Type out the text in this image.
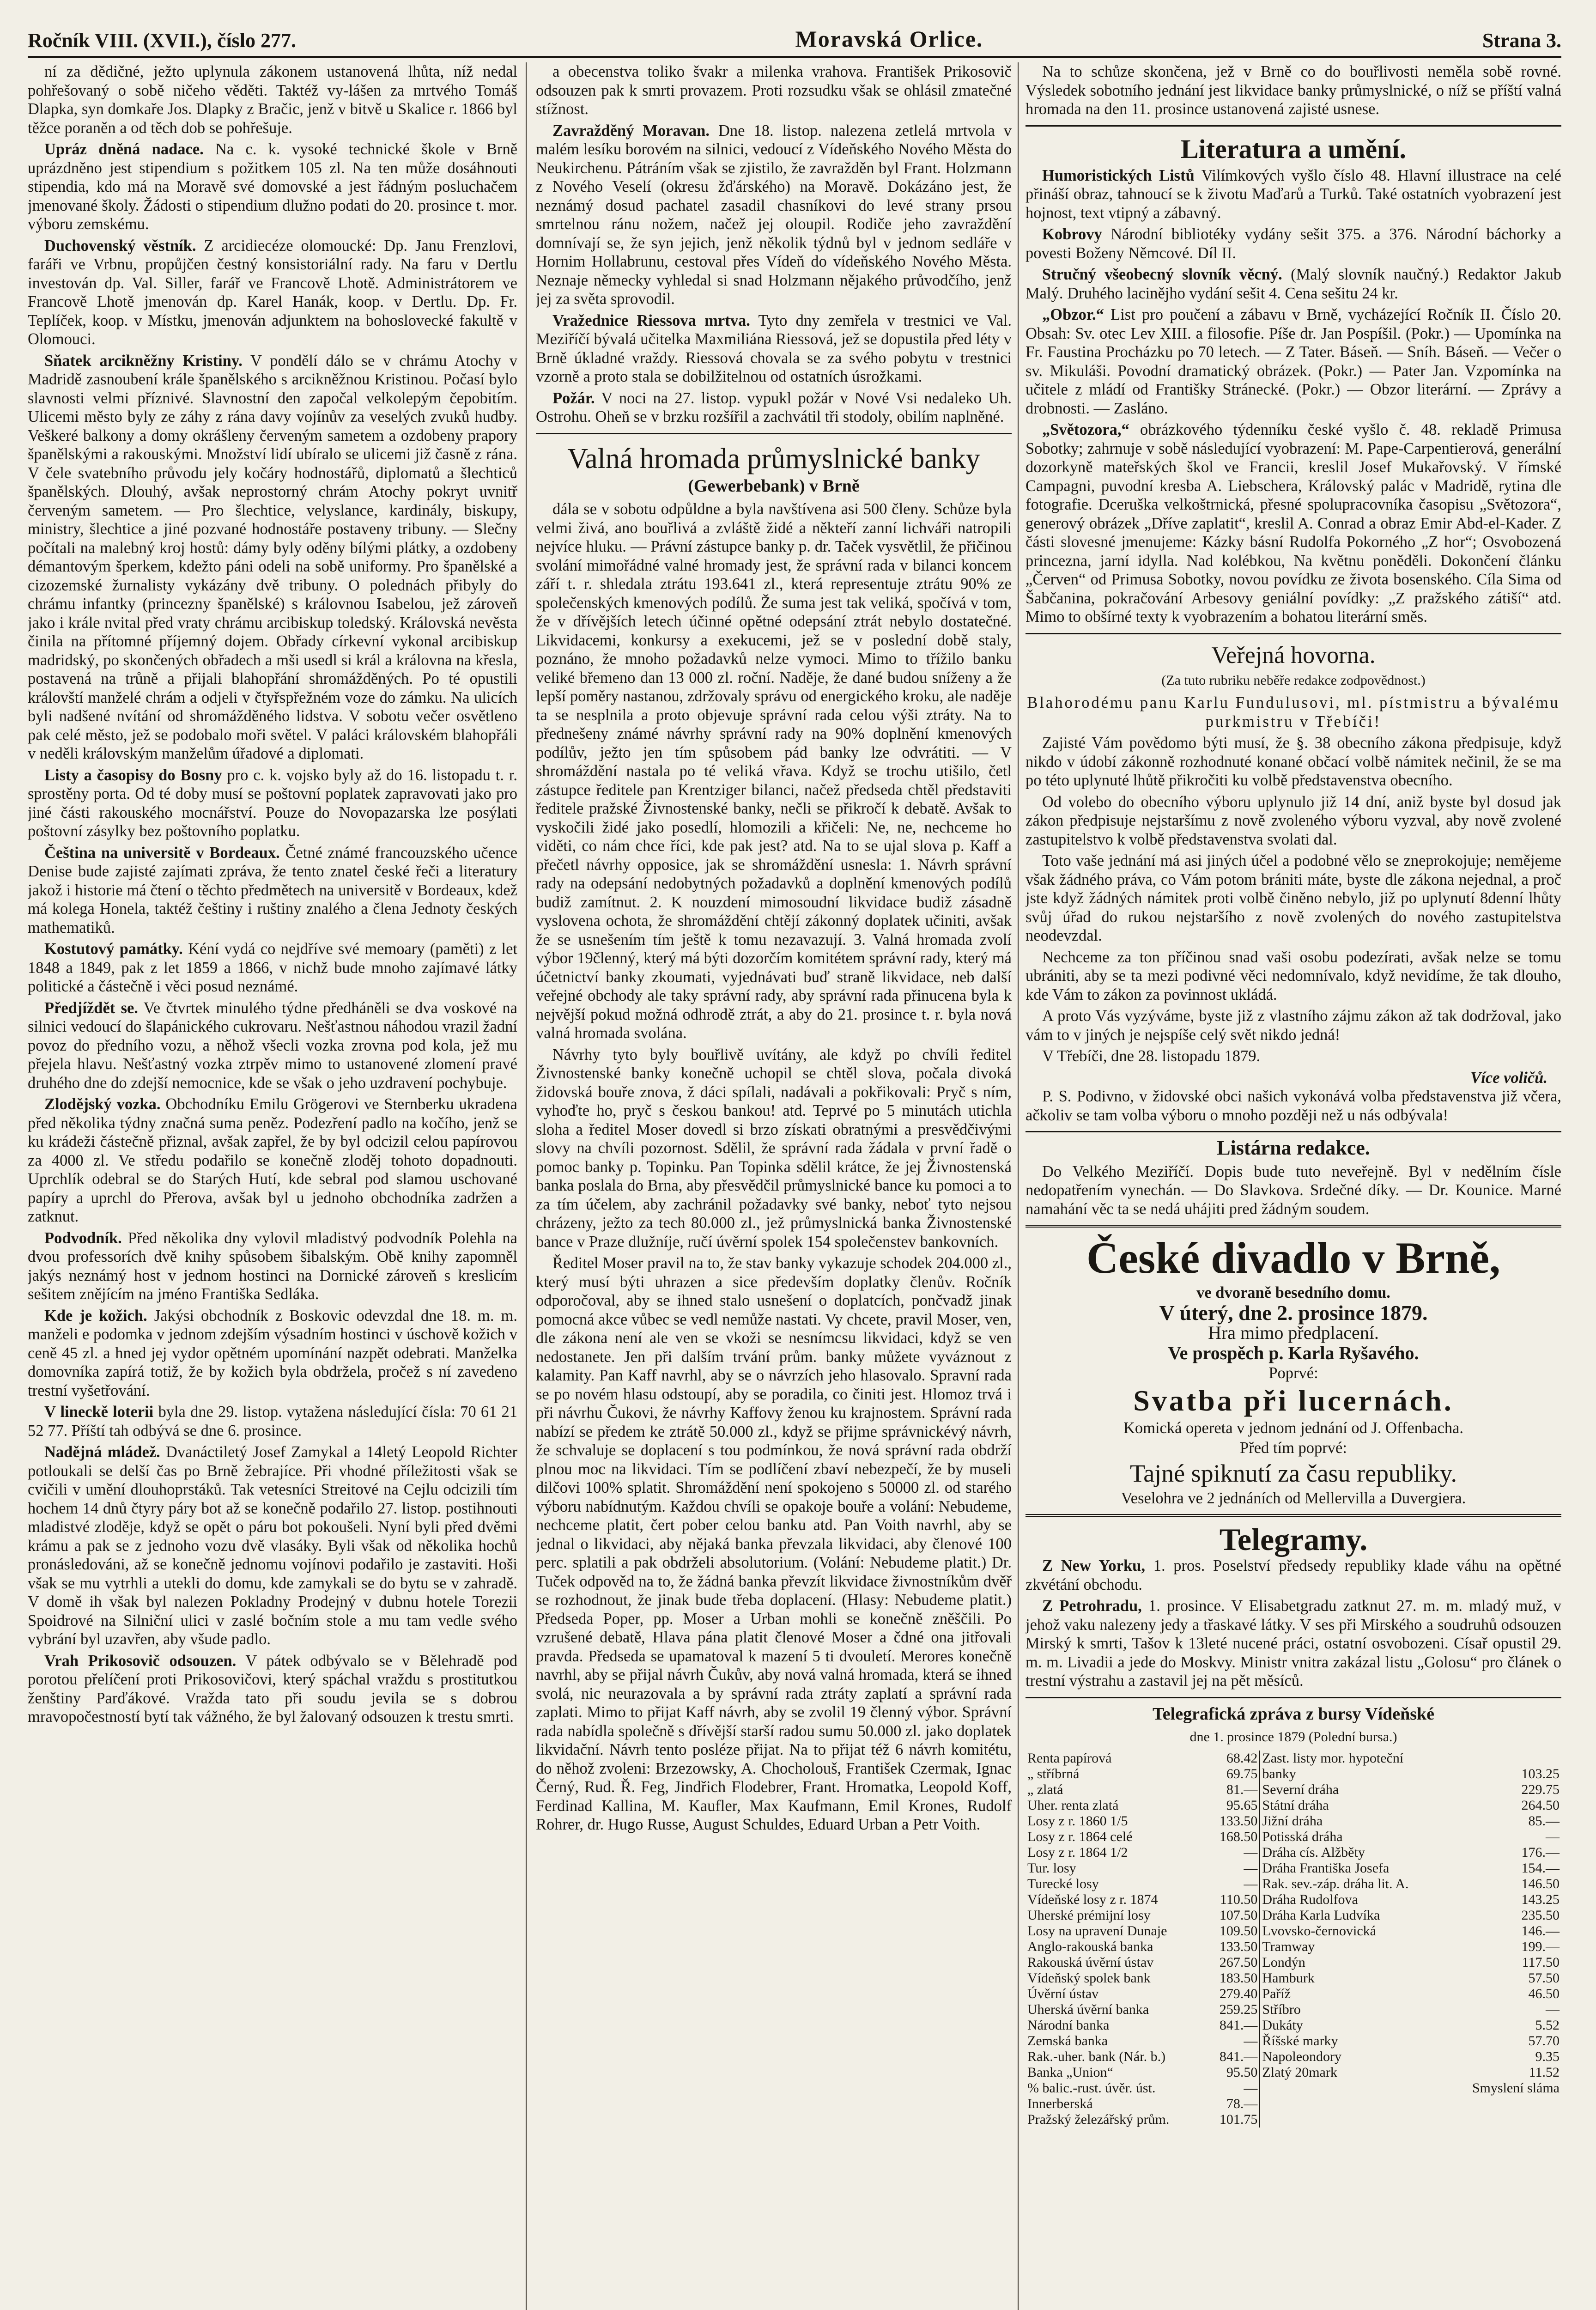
Ročník VIII. (XVII.), číslo 277.	Moravská Orlice.	Strana 3.

ní za dědičné, ježto uplynula zákonem ustanovená lhůta, níž nedal pohřešovaný o sobě ničeho věděti. Taktéž vy-lášen za mrtvého Tomáš Dlapka, syn domkaře Jos. Dlapky z Bračic, jenž v bitvě u Skalice r. 1866 byl těžce poraněn a od těch dob se pohřešuje.

Upráz dněná nadace. Na c. k. vysoké technické škole v Brně uprázdněno jest stipendium s požitkem 105 zl. Na ten může dosáhnouti stipendia, kdo má na Moravě své domovské a jest řádným posluchačem jmenované školy. Žádosti o stipendium dlužno podati do 20. prosince t. mor. výboru zemskému.

Duchovenský věstník. Z arcidiecéze olomoucké: Dp. Janu Frenzlovi, faráři ve Vrbnu, propůjčen čestný konsistoriální rady. Na faru v Dertlu investován dp. Val. Siller, farář ve Francově Lhotě. Administrátorem ve Francově Lhotě jmenován dp. Karel Hanák, koop. v Dertlu. Dp. Fr. Teplíček, koop. v Místku, jmenován adjunktem na bohoslovecké fakultě v Olomouci.

Sňatek arcikněžny Kristiny. V pondělí dálo se v chrámu Atochy v Madridě zasnoubení krále španělského s arcikněžnou Kristinou. Počasí bylo slavnosti velmi příznivé. Slavnostní den započal velkolepým čepobitím. Ulicemi město byly ze záhy z rána davy vojínův za veselých zvuků hudby. Veškeré balkony a domy okrášleny červeným sametem a ozdobeny prapory španělskými a rakouskými. Množství lidí ubíralo se ulicemi již časně z rána. V čele svatebního průvodu jely kočáry hodnostářů, diplomatů a šlechticů španělských. Dlouhý, avšak neprostorný chrám Atochy pokryt uvnitř červeným sametem. — Pro šlechtice, velyslance, kardinály, biskupy, ministry, šlechtice a jiné pozvané hodnostáře postaveny tribuny. — Slečny počítali na malebný kroj hostů: dámy byly oděny bílými plátky, a ozdobeny démantovým šperkem, kdežto páni odeli na sobě uniformy. Pro španělské a cizozemské žurnalisty vykázány dvě tribuny. O polednách přibyly do chrámu infantky (princezny španělské) s královnou Isabelou, jež zároveň jako i krále nvital před vraty chrámu arcibiskup toledský. Královská nevěsta činila na přítomné příjemný dojem. Obřady církevní vykonal arcibiskup madridský, po skončených obřadech a mši usedl si král a královna na křesla, postavená na trůně a přijali blahopřání shromážděných. Po té opustili královští manželé chrám a odjeli v čtyřspřežném voze do zámku. Na ulicích byli nadšené nvítání od shromážděného lidstva. V sobotu večer osvětleno pak celé město, jež se podobalo moři světel. V paláci královském blahopřáli v neděli královským manželům úřadové a diplomati.

Listy a časopisy do Bosny pro c. k. vojsko byly až do 16. listopadu t. r. sprostěny porta. Od té doby musí se poštovní poplatek zapravovati jako pro jiné části rakouského mocnářství. Pouze do Novopazarska lze posýlati poštovní zásylky bez poštovního poplatku.

Čeština na universitě v Bordeaux. Četné známé francouzského učence Denise bude zajisté zajímati zpráva, že tento znatel české řeči a literatury jakož i historie má čtení o těchto předmětech na universitě v Bordeaux, kdež má kolega Honela, taktéž češtiny i ruštiny znalého a člena Jednoty českých mathematiků.

Kostutový památky. Kéní vydá co nejdříve své memoary (paměti) z let 1848 a 1849, pak z let 1859 a 1866, v nichž bude mnoho zajímavé látky politické a částečně i věci posud neznámé.

Předjíždět se. Ve čtvrtek minulého týdne předháněli se dva voskové na silnici vedoucí do šlapánického cukrovaru. Nešťastnou náhodou vrazil žadní povoz do předního vozu, a něhož všecli vozka zrovna pod kola, jež mu přejela hlavu. Nešťastný vozka ztrpěv mimo to ustanovené zlomení pravé druhého dne do zdejší nemocnice, kde se však o jeho uzdravení pochybuje.

Zlodějský vozka. Obchodníku Emilu Grögerovi ve Sternberku ukradena před několika týdny značná suma peněz. Podezření padlo na kočího, jenž se ku krádeži částečně přiznal, avšak zapřel, že by byl odcizil celou papírovou za 4000 zl. Ve středu podařilo se konečně zloděj tohoto dopadnouti. Uprchlík odebral se do Starých Hutí, kde sebral pod slamou uschované papíry a uprchl do Přerova, avšak byl u jednoho obchodníka zadržen a zatknut.

Podvodník. Před několika dny vylovil mladistvý podvodník Polehla na dvou professorích dvě knihy spůsobem šibalským. Obě knihy zapomněl jakýs neznámý host v jednom hostinci na Dornické zároveň s kreslicím sešitem znějícím na jméno Františka Sedláka.

Kde je kožich. Jakýsi obchodník z Boskovic odevzdal dne 18. m. m. manželi e podomka v jednom zdejším výsadním hostinci v úschově kožich v ceně 45 zl. a hned jej vydor opětném upomínání nazpět odebrati. Manželka domovníka zapírá totiž, že by kožich byla obdržela, pročež s ní zavedeno trestní vyšetřování.

V lineckě loterii byla dne 29. listop. vytažena následující čísla: 70 61 21 52 77. Příští tah odbývá se dne 6. prosince.

Nadějná mládež. Dvanáctiletý Josef Zamykal a 14letý Leopold Richter potloukali se delší čas po Brně žebrajíce. Při vhodné příležitosti však se cvičili v umění dlouhoprstáků. Tak vetesníci Streitové na Cejlu odcizili tím hochem 14 dnů čtyry páry bot až se konečně podařilo 27. listop. postihnouti mladistvé zloděje, když se opět o páru bot pokoušeli. Nyní byli před dvěmi krámu a pak se z jednoho vozu dvě vlasáky. Byli však od několika hochů pronásledováni, až se konečně jednomu vojínovi podařilo je zastaviti. Hoši však se mu vytrhli a utekli do domu, kde zamykali se do bytu se v zahradě. V domě ih však byl nalezen Pokladny Prodejný v dubnu hotele Torezii Spoidrové na Silniční ulici v zaslé bočním stole a mu tam vedle svého vybrání byl uzavřen, aby všude padlo.

Vrah Prikosovič odsouzen. V pátek odbývalo se v Bělehradě pod porotou přelíčení proti Prikosovičovi, který spáchal vraždu s prostitutkou ženštiny Parďákové. Vražda tato při soudu jevila se s dobrou mravopočestností bytí tak vážného, že byl žalovaný odsouzen k trestu smrti.

a obecenstva toliko švakr a milenka vrahova. František Prikosovič odsouzen pak k smrti provazem. Proti rozsudku však se ohlásil zmatečné stížnost.

Zavražděný Moravan. Dne 18. listop. nalezena zetlelá mrtvola v malém lesíku borovém na silnici, vedoucí z Vídeňského Nového Města do Neukirchenu. Pátráním však se zjistilo, že zavražděn byl Frant. Holzmann z Nového Veselí (okresu žďárského) na Moravě. Dokázáno jest, že neznámý dosud pachatel zasadil chasníkovi do levé strany prsou smrtelnou ránu nožem, načež jej oloupil. Rodiče jeho zavraždění domnívají se, že syn jejich, jenž několik týdnů byl v jednom sedláře v Hornim Hollabrunu, cestoval přes Vídeň do vídeňského Nového Města. Neznaje německy vyhledal si snad Holzmann nějakého průvodčího, jenž jej za světa sprovodil.

Vražednice Riessova mrtva. Tyto dny zemřela v trestnici ve Val. Meziříčí bývalá učitelka Maxmiliána Riessová, jež se dopustila před léty v Brně úkladné vraždy. Riessová chovala se za svého pobytu v trestnici vzorně a proto stala se dobilžitelnou od ostatních úsrožkami.

Požár. V noci na 27. listop. vypukl požár v Nové Vsi nedaleko Uh. Ostrohu. Oheň se v brzku rozšířil a zachvátil tři stodoly, obilím naplněné.

Valná hromada průmyslnické banky
(Gewerbebank) v Brně

dála se v sobotu odpůldne a byla navštívena asi 500 členy. Schůze byla velmi živá, ano bouřlivá a zvláště židé a někteří zanní lichváři natropili nejvíce hluku. — Právní zástupce banky p. dr. Taček vysvětlil, že přičinou svolání mimořádné valné hromady jest, že správní rada v bilanci koncem září t. r. shledala ztrátu 193.641 zl., která representuje ztrátu 90% ze společenských kmenových podílů. Že suma jest tak veliká, spočívá v tom, že v dřívějších letech účinné opětné odepsání ztrát nebylo dostatečné. Likvidacemi, konkursy a exekucemi, jež se v poslední době staly, poznáno, že mnoho požadavků nelze vymoci. Mimo to třížilo banku veliké břemeno dan 13 000 zl. roční. Naděje, že dané budou sníženy a že lepší poměry nastanou, zdržovaly správu od energického kroku, ale naděje ta se nesplnila a proto objevuje správní rada celou výši ztráty. Na to přednešeny známé návrhy správní rady na 90% doplnění kmenových podílův, ježto jen tím spůsobem pád banky lze odvrátiti. — V shromáždění nastala po té veliká vřava. Když se trochu utišilo, četl zástupce ředitele pan Krentziger bilanci, načež předseda chtěl představiti ředitele pražské Živnostenské banky, nečli se přikročí k debatě. Avšak to vyskočili židé jako posedlí, hlomozili a křičeli: Ne, ne, nechceme ho viděti, co nám chce říci, kde pak jest? atd. Na to se ujal slova p. Kaff a přečetl návrhy opposice, jak se shromáždění usnesla: 1. Návrh správní rady na odepsání nedobytných požadavků a doplnění kmenových podílů budiž zamítnut. 2. K nouzdení mimosoudní likvidace budiž zásadně vyslovena ochota, že shromáždění chtějí zákonný doplatek učiniti, avšak že se usnešením tím ještě k tomu nezavazují. 3. Valná hromada zvolí výbor 19členný, který má býti dozorčím komitétem správní rady, který má účetnictví banky zkoumati, vyjednávati buď straně likvidace, neb další veřejné obchody ale taky správní rady, aby správní rada přinucena byla k nejvější pokud možná odhrodě ztrát, a aby do 21. prosince t. r. byla nová valná hromada svolána.

Návrhy tyto byly bouřlivě uvítány, ale když po chvíli ředitel Živnostenské banky konečně uchopil se chtěl slova, počala divoká židovská bouře znova, ž dáci spílali, nadávali a pokřikovali: Pryč s ním, vyhoďte ho, pryč s českou bankou! atd. Teprvé po 5 minutách utichla sloha a ředitel Moser dovedl si brzo získati obratnými a presvědčivými slovy na chvíli pozornost. Sdělil, že správní rada žádala v první řadě o pomoc banky p. Topinku. Pan Topinka sdělil krátce, že jej Živnostenská banka poslala do Brna, aby přesvědčil průmyslnické bance ku pomoci a to za tím účelem, aby zachránil požadavky své banky, neboť tyto nejsou chrázeny, ježto za tech 80.000 zl., jež průmyslnická banka Živnostenské bance v Praze dlužníje, ručí úvěrní spolek 154 společenstev bankovních.

Ředitel Moser pravil na to, že stav banky vykazuje schodek 204.000 zl., který musí býti uhrazen a sice především doplatky členův. Ročník odporočoval, aby se ihned stalo usnešení o doplatcích, pončvadž jinak pomocná akce vůbec se vedl nemůže nastati. Vy chcete, pravil Moser, ven, dle zákona není ale ven se vkoži se nesnímcsu likvidaci, když se ven nedostanete. Jen při dalším trvání prům. banky můžete vyváznout z kalamity. Pan Kaff navrhl, aby se o návrzích jeho hlasovalo. Spravní rada se po novém hlasu odstoupí, aby se poradila, co činiti jest. Hlomoz trvá i při návrhu Čukovi, že návrhy Kaffovy ženou ku krajnostem. Správní rada nabízí se předem ke ztrátě 50.000 zl., když se přijme správnickévý návrh, že schvaluje se doplacení s tou podmínkou, že nová správní rada obdrží plnou moc na likvidaci. Tím se podlíčení zbaví nebezpečí, že by museli dilčovi 100% splatit. Shromáždění není spokojeno s 50000 zl. od starého výboru nabídnutým. Každou chvíli se opakoje bouře a volání: Nebudeme, nechceme platit, čert pober celou banku atd. Pan Voith navrhl, aby se jednal o likvidaci, aby nějaká banka převzala likvidaci, aby členové 100 perc. splatili a pak obdrželi absolutorium. (Volání: Nebudeme platit.) Dr. Tuček odpověd na to, že žádná banka převzít likvidace živnostníkům dvěř se rozhodnout, že jinak bude třeba doplacení. (Hlasy: Nebudeme platit.) Předseda Poper, pp. Moser a Urban mohli se konečně zněščili. Po vzrušené debatě, Hlava pána platit členové Moser a čdné ona jitřovali pravda. Předseda se upamatoval k mazení 5 ti dvouletí. Merores konečně navrhl, aby se přijal návrh Čukův, aby nová valná hromada, která se ihned svolá, nic neurazovala a by správní rada ztráty zaplatí a správní rada zaplati. Mimo to přijat Kaff návrh, aby se zvolil 19 členný výbor. Správní rada nabídla společně s dřívější starší radou sumu 50.000 zl. jako doplatek likvidační. Návrh tento posléze přijat. Na to přijat též 6 návrh komitétu, do něhož zvoleni: Brzezowsky, A. Chocholouš, František Czermak, Ignac Černý, Rud. Ř. Feg, Jindřich Flodebrer, Frant. Hromatka, Leopold Koff, Ferdinad Kallina, M. Kaufler, Max Kaufmann, Emil Krones, Rudolf Rohrer, dr. Hugo Russe, August Schuldes, Eduard Urban a Petr Voith.

Na to schůze skončena, jež v Brně co do bouřlivosti neměla sobě rovné. Výsledek sobotního jednání jest likvidace banky průmyslnické, o níž se příští valná hromada na den 11. prosince ustanovená zajisté usnese.

Literatura a umění.

Humoristických Listů Vilímkových vyšlo číslo 48. Hlavní illustrace na celé přináší obraz, tahnoucí se k životu Maďarů a Turků. Také ostatních vyobrazení jest hojnost, text vtipný a zábavný.

Kobrovy Národní bibliotéky vydány sešit 375. a 376. Národní báchorky a povesti Boženy Němcové. Díl II.

Stručný všeobecný slovník věcný. (Malý slovník naučný.) Redaktor Jakub Malý. Druhého lacinějho vydání sešit 4. Cena sešitu 24 kr.

„Obzor.“ List pro poučení a zábavu v Brně, vycházející Ročník II. Číslo 20. Obsah: Sv. otec Lev XIII. a filosofie. Píše dr. Jan Pospíšil. (Pokr.) — Upomínka na Fr. Faustina Procházku po 70 letech. — Z Tater. Báseň. — Sníh. Báseň. — Večer o sv. Mikuláši. Povodní dramatický obrázek. (Pokr.) — Pater Jan. Vzpomínka na učitele z mládí od Františky Stránecké. (Pokr.) — Obzor literární. — Zprávy a drobnosti. — Zasláno.

„Světozora,“ obrázkového týdenníku české vyšlo č. 48. rekladě Primusa Sobotky; zahrnuje v sobě následující vyobrazení: M. Pape-Carpentierová, generální dozorkyně mateřských škol ve Francii, kreslil Josef Mukařovský. V římské Campagni, puvodní kresba A. Liebschera, Královský palác v Madridě, rytina dle fotografie. Dceruška velkoštrnická, přesné spolupracovníka časopisu „Světozora“, generový obrázek „Dříve zaplatit“, kreslil A. Conrad a obraz Emir Abd-el-Kader. Z části slovesné jmenujeme: Kázky básní Rudolfa Pokorného „Z hor“; Osvobozená princezna, jarní idylla. Nad kolébkou, Na květnu poněděli. Dokončení článku „Červen“ od Primusa Sobotky, novou povídku ze života bosenského. Cíla Sima od Šabčanina, pokračování Arbesovy geniální povídky: „Z pražského zátiší“ atd. Mimo to obšírné texty k vyobrazením a bohatou literární směs.

Veřejná hovorna.
(Za tuto rubriku neběře redakce zodpovědnost.)

Blahorodému panu Karlu Fundulusovi, ml. pístmistru a bývalému purkmistru v Třebíči!

Zajisté Vám povědomo býti musí, že §. 38 obecního zákona předpisuje, když nikdo v údobí zákonně rozhodnuté konané občací volbě námitek nečinil, že se ma po této uplynuté lhůtě přikročiti ku volbě představenstva obecního.

Od volebo do obecního výboru uplynulo již 14 dní, aniž byste byl dosud jak zákon předpisuje nejstaršímu z nově zvoleného výboru vyzval, aby nově zvolené zastupitelstvo k volbě představenstva svolati dal.

Toto vaše jednání má asi jiných účel a podobné vělo se zneprokojuje; nemějeme však žádného práva, co Vám potom brániti máte, byste dle zákona nejednal, a proč jste když žádných námitek proti volbě činěno nebylo, již po uplynutí 8denní lhůty svůj úřad do rukou nejstaršího z nově zvolených do nového zastupitelstva neodevzdal.

Nechceme za ton příčinou snad vaši osobu podezírati, avšak nelze se tomu ubrániti, aby se ta mezi podivné věci nedomnívalo, když nevidíme, že tak dlouho, kde Vám to zákon za povinnost ukládá.

A proto Vás vyzýváme, byste již z vlastního zájmu zákon až tak dodržoval, jako vám to v jiných je nejspíše celý svět nikdo jedná!

V Třebíči, dne 28. listopadu 1879.

Více voličů.

P. S. Podivno, v židovské obci našich vykonává volba představenstva již včera, ačkoliv se tam volba výboru o mnoho později než u nás odbývala!

Listárna redakce.

Do Velkého Meziříčí. Dopis bude tuto neveřejně. Byl v nedělním čísle nedopatřením vynechán. — Do Slavkova. Srdečné díky. — Dr. Kounice. Marné namahání věc ta se nedá uhájiti pred žádným soudem.

České divadlo v Brně,
ve dvoraně besedního domu.
V úterý, dne 2. prosince 1879.
Hra mimo předplacení.
Ve prospěch p. Karla Ryšavého.
Poprvé:
Svatba při lucernách.
Komická opereta v jednom jednání od J. Offenbacha.
Před tím poprvé:
Tajné spiknutí za času republiky.
Veselohra ve 2 jednáních od Mellervilla a Duvergiera.
Telegramy.

Z New Yorku, 1. pros. Poselství předsedy republiky klade váhu na opětné zkvétání obchodu.

Z Petrohradu, 1. prosince. V Elisabetgradu zatknut 27. m. m. mladý muž, v jehož vaku nalezeny jedy a třaskavé látky. V ses při Mirského a soudruhů odsouzen Mirský k smrti, Tašov k 13leté nucené práci, ostatní osvobozeni. Císař opustil 29. m. m. Livadii a jede do Moskvy. Ministr vnitra zakázal listu „Golosu“ pro článek o trestní výstrahu a zastavil jej na pět měsíců.

Telegrafická zpráva z bursy Vídeňské
dne 1. prosince 1879 (Polední bursa.)
Renta papírová	68.42	Zast. listy mor. hypoteční	
„ stříbrná	69.75	banky	103.25
„ zlatá	81.—	Severní dráha	229.75
Uher. renta zlatá	95.65	Státní dráha	264.50
Losy z r. 1860 1/5	133.50	Jižní dráha	85.—
Losy z r. 1864 celé	168.50	Potisská dráha	—
Losy z r. 1864 1/2	—	Dráha cís. Alžběty	176.—
Tur. losy	—	Dráha Františka Josefa	154.—
Turecké losy	—	Rak. sev.-záp. dráha lit. A.	146.50
Vídeňské losy z r. 1874	110.50	Dráha Rudolfova	143.25
Uherské prémijní losy	107.50	Dráha Karla Ludvíka	235.50
Losy na upravení Dunaje	109.50	Lvovsko-černovická	146.—
Anglo-rakouská banka	133.50	Tramway	199.—
Rakouská úvěrní ústav	267.50	Londýn	117.50
Vídeňský spolek bank	183.50	Hamburk	57.50
Úvěrní ústav	279.40	Paříž	46.50
Uherská úvěrní banka	259.25	Stříbro	—
Národní banka	841.—	Dukáty	5.52
Zemská banka	—	Říšské marky	57.70
Rak.-uher. bank (Nár. b.)	841.—	Napoleondory	9.35
Banka „Union“	95.50	Zlatý 20mark	11.52
% balic.-rust. úvěr. úst.	—		Smyslení sláma
Innerberská	78.—		
Pražský železářský prům.	101.75		
